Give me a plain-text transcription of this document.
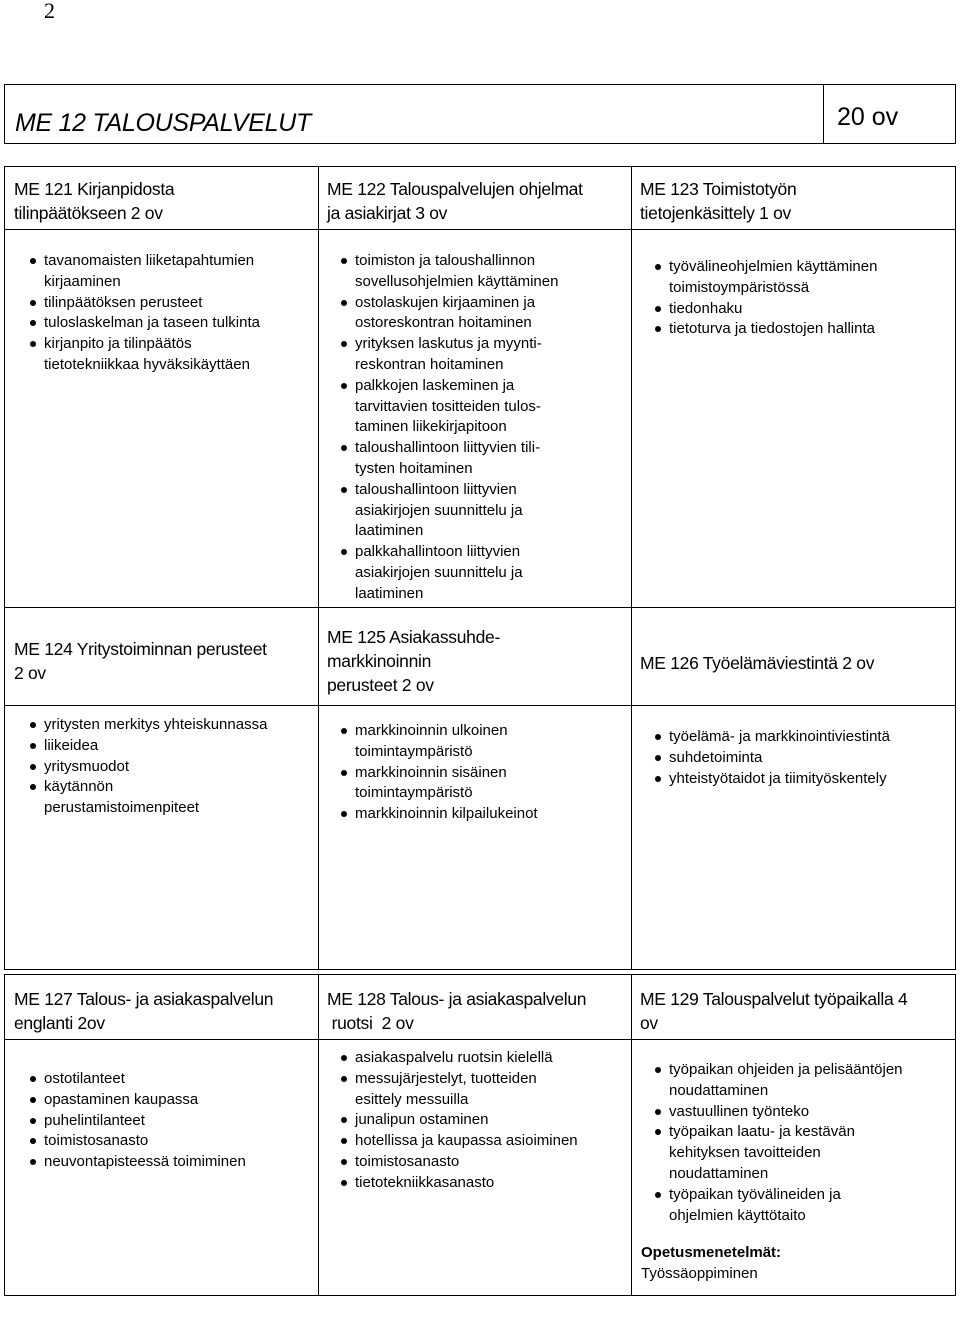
2
ME 12 TALOUSPALVELUT	20 ov
ME 121 Kirjanpidosta
tilinpäätökseen 2 ov
tavanomaisten liiketapahtumien
kirjaaminen
tilinpäätöksen perusteet
tuloslaskelman ja taseen tulkinta
kirjanpito ja tilinpäätös
tietotekniikkaa hyväksikäyttäen
ME 122 Talouspalvelujen ohjelmat
ja asiakirjat 3 ov
toimiston ja taloushallinnon
sovellusohjelmien käyttäminen
ostolaskujen kirjaaminen ja
ostoreskontran hoitaminen
yrityksen laskutus ja myynti-
reskontran hoitaminen
palkkojen laskeminen ja
tarvittavien tositteiden tulos-
taminen liikekirjapitoon
taloushallintoon liittyvien tili-
tysten hoitaminen
taloushallintoon liittyvien
asiakirjojen suunnittelu ja
laatiminen
palkkahallintoon liittyvien
asiakirjojen suunnittelu ja
laatiminen
ME 123 Toimistotyön
tietojenkäsittely 1 ov
työvälineohjelmien käyttäminen
toimistoympäristössä
tiedonhaku
tietoturva ja tiedostojen hallinta
ME 124 Yritystoiminnan perusteet
2 ov
yritysten merkitys yhteiskunnassa
liikeidea
yritysmuodot
käytännön
perustamistoimenpiteet
ME 125 Asiakassuhde-
markkinoinnin
perusteet 2 ov
markkinoinnin ulkoinen
toimintaympäristö
markkinoinnin sisäinen
toimintaympäristö
markkinoinnin kilpailukeinot
ME 126 Työelämäviestintä 2 ov
työelämä- ja markkinointiviestintä
suhdetoiminta
yhteistyötaidot ja tiimityöskentely
ME 127 Talous- ja asiakaspalvelun
englanti 2ov
ostotilanteet
opastaminen kaupassa
puhelintilanteet
toimistosanasto
neuvontapisteessä toimiminen
ME 128 Talous- ja asiakaspalvelun
ruotsi  2 ov
asiakaspalvelu ruotsin kielellä
messujärjestelyt, tuotteiden
esittely messuilla
junalipun ostaminen
hotellissa ja kaupassa asioiminen
toimistosanasto
tietotekniikkasanasto
ME 129 Talouspalvelut työpaikalla 4
ov
työpaikan ohjeiden ja pelisääntöjen
noudattaminen
vastuullinen työnteko
työpaikan laatu- ja kestävän
kehityksen tavoitteiden
noudattaminen
työpaikan työvälineiden ja
ohjelmien käyttötaito
Opetusmenetelmät:
Työssäoppiminen
